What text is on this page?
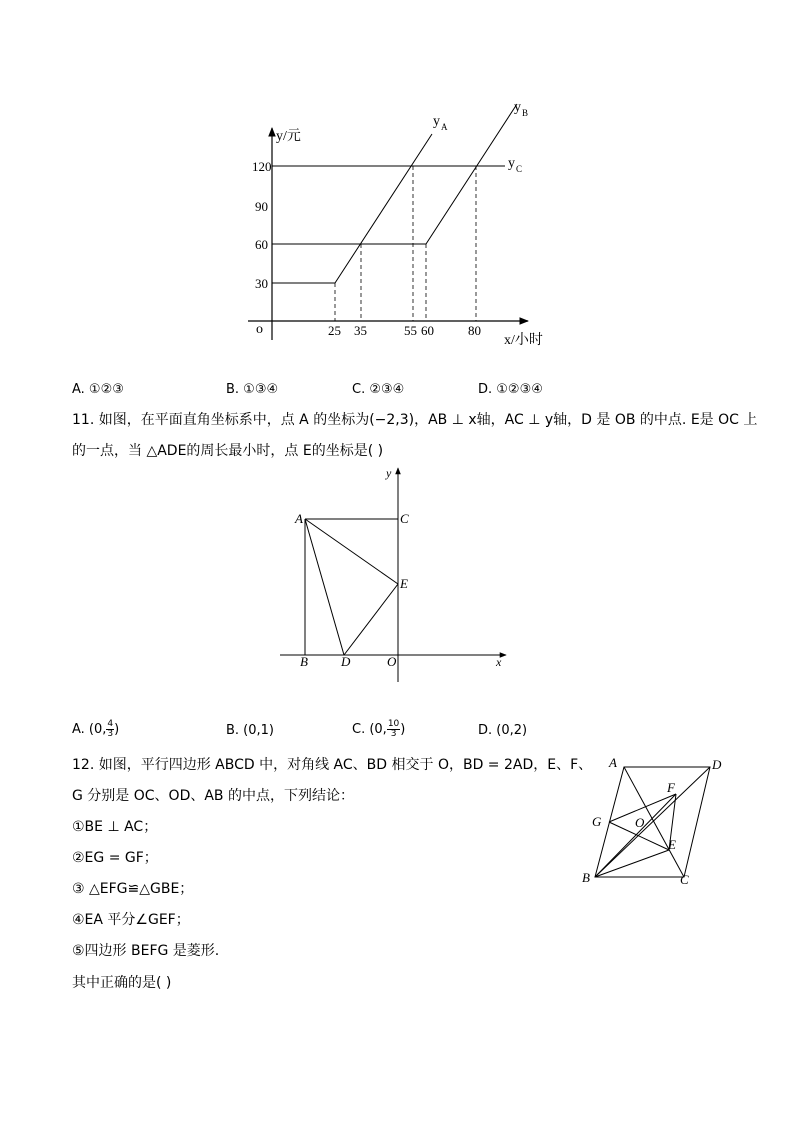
y/元
x/小时
o
120
90
60
30
25 35	55 60	80
y A
y B
y C
A. ①②③	B. ①③④	C. ②③④	D. ①②③④
11. 如图，在平面直角坐标系中，点 A 的坐标为(−2,3)，AB ⊥ x轴，AC ⊥ y轴，D 是 OB 的中点. E是 OC 上
的一点，当 △ADE的周长最小时，点 E的坐标是( )
A	C
E
B	D	O	x
y
A. (0, $\frac{4}{3}$ )	B. (0,1)	C. (0, $\frac{10}{3}$ )	D. (0,2)
12. 如图，平行四边形 ABCD 中，对角线 AC、BD 相交于 O，BD = 2AD，E、F、
G 分别是 OC、OD、AB 的中点，下列结论：
①BE ⊥ AC；
②EG = GF；
③ △EFG≌△GBE；
④EA 平分∠GEF；
⑤四边形 BEFG 是菱形.
其中正确的是( )
A	D
F
G	O
E
B	C
